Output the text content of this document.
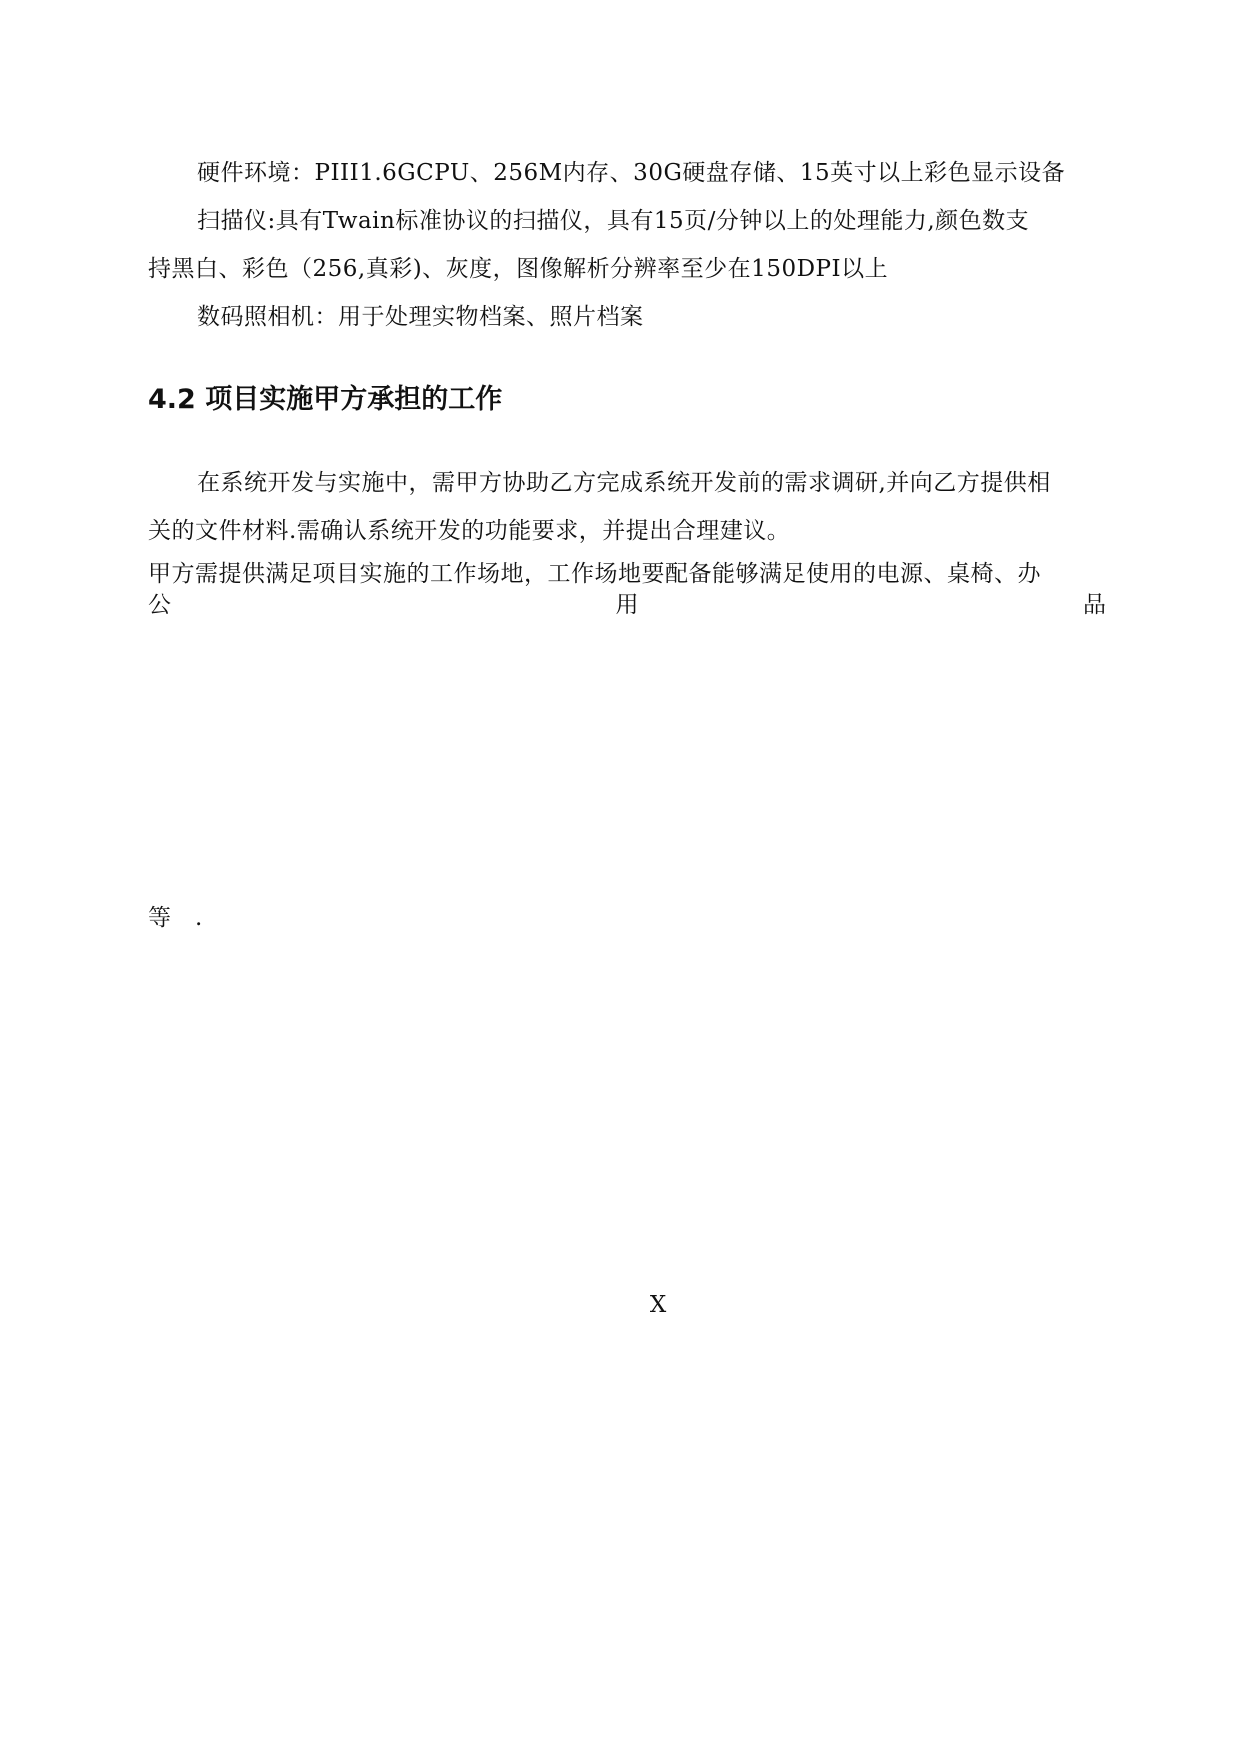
硬件环境：PIII1.6GCPU、256M内存、30G硬盘存储、15英寸以上彩色显示设备
扫描仪:具有Twain标准协议的扫描仪，具有15页/分钟以上的处理能力,颜色数支
持黑白、彩色（256,真彩)、灰度，图像解析分辨率至少在150DPI以上
数码照相机：用于处理实物档案、照片档案
4.2 项目实施甲方承担的工作
在系统开发与实施中，需甲方协助乙方完成系统开发前的需求调研,并向乙方提供相
关的文件材料.需确认系统开发的功能要求，并提出合理建议。
甲方需提供满足项目实施的工作场地，工作场地要配备能够满足使用的电源、桌椅、办
公	用	品
等　.
X
